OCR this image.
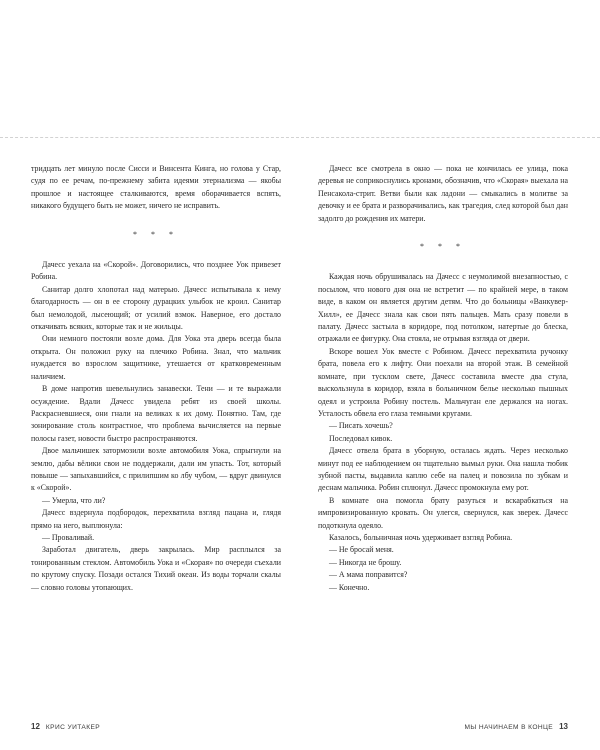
тридцать лет минуло после Сисси и Винсента Кинга, но голова у Стар, судя по ее речам, по-прежнему забита идеями этернализма — якобы прошлое и настоящее сталкиваются, время оборачивается вспять, никакого будущего быть не может, ничего не исправить.

* * *

Дачесс уехала на «Скорой». Договорились, что позднее Уок привезет Робина.

Санитар долго хлопотал над матерью. Дачесс испытывала к нему благодарность — он в ее сторону дурацких улыбок не кроил. Санитар был немолодой, лысеющий; от усилий взмок. Наверное, его достало откачивать всяких, которые так и не жильцы.

Они немного постояли возле дома. Для Уока эта дверь всегда была открыта. Он положил руку на плечико Робина. Знал, что мальчик нуждается во взрослом защитнике, утешается от кратковременным наличием.

В доме напротив шевельнулись занавески. Тени — и те выражали осуждение. Вдали Дачесс увидела ребят из своей школы. Раскрасневшиеся, они гнали на великах к их дому. Понятно. Там, где зонирование столь контрастное, что проблема вычисляется на первые полосы газет, новости быстро распространяются.

Двое мальчишек затормозили возле автомобиля Уока, спрыгнули на землю, дабы вёлики свои не поддержали, дали им упасть. Тот, который повыше — запыхавшийся, с прилипшим ко лбу чубом, — вдруг двинулся к «Скорой».

— Умерла, что ли?

Дачесс вздернула подбородок, перехватила взгляд пацана и, глядя прямо на него, выплюнула:

— Проваливай.

Заработал двигатель, дверь закрылась. Мир расплылся за тонированным стеклом. Автомобиль Уока и «Скорая» по очереди съехали по крутому спуску. Позади остался Тихий океан. Из воды торчали скалы — словно головы утопающих.

Дачесс все смотрела в окно — пока не кончилась ее улица, пока деревья не соприкоснулись кронами, обозначив, что «Скорая» выехала на Пенсакола-стрит. Ветви были как ладони — смыкались в молитве за девочку и ее брата и разворачивались, как трагедия, след которой был дан задолго до рождения их матери.

* * *

Каждая ночь обрушивалась на Дачесс с неумолимой внезапностью, с посылом, что нового дня она не встретит — по крайней мере, в таком виде, в каком он является другим детям. Что до больницы «Ванкувер-Хилл», ее Дачесс знала как свои пять пальцев. Мать сразу повели в палату. Дачесс застыла в коридоре, под потолком, натертые до блеска, отражали ее фигурку. Она стояла, не отрывая взгляда от двери.

Вскоре вошел Уок вместе с Робином. Дачесс перехватила ручонку брата, повела его к лифту. Они поехали на второй этаж. В семейной комнате, при тусклом свете, Дачесс составила вместе два стула, выскользнула в коридор, взяла в больничном белье несколько пышных одеял и устроила Робину постель. Мальчуган еле держался на ногах. Усталость обвела его глаза темными кругами.

— Писать хочешь?

Последовал кивок.

Дачесс отвела брата в уборную, осталась ждать. Через несколько минут под ее наблюдением он тщательно вымыл руки. Она нашла тюбик зубной пасты, выдавила каплю себе на палец и повозила по зубкам и деснам мальчика. Робин сплюнул. Дачесс промокнула ему рот.

В комнате она помогла брату разуться и вскарабкаться на импровизированную кровать. Он улегся, свернулся, как зверек. Дачесс подоткнула одеяло.

Казалось, больничная ночь удерживает взгляд Робина.

— Не бросай меня.

— Никогда не брошу.

— А мама поправится?

— Конечно.

12 КРИС УИТАКЕР	МЫ НАЧИНАЕМ В КОНЦЕ 13
